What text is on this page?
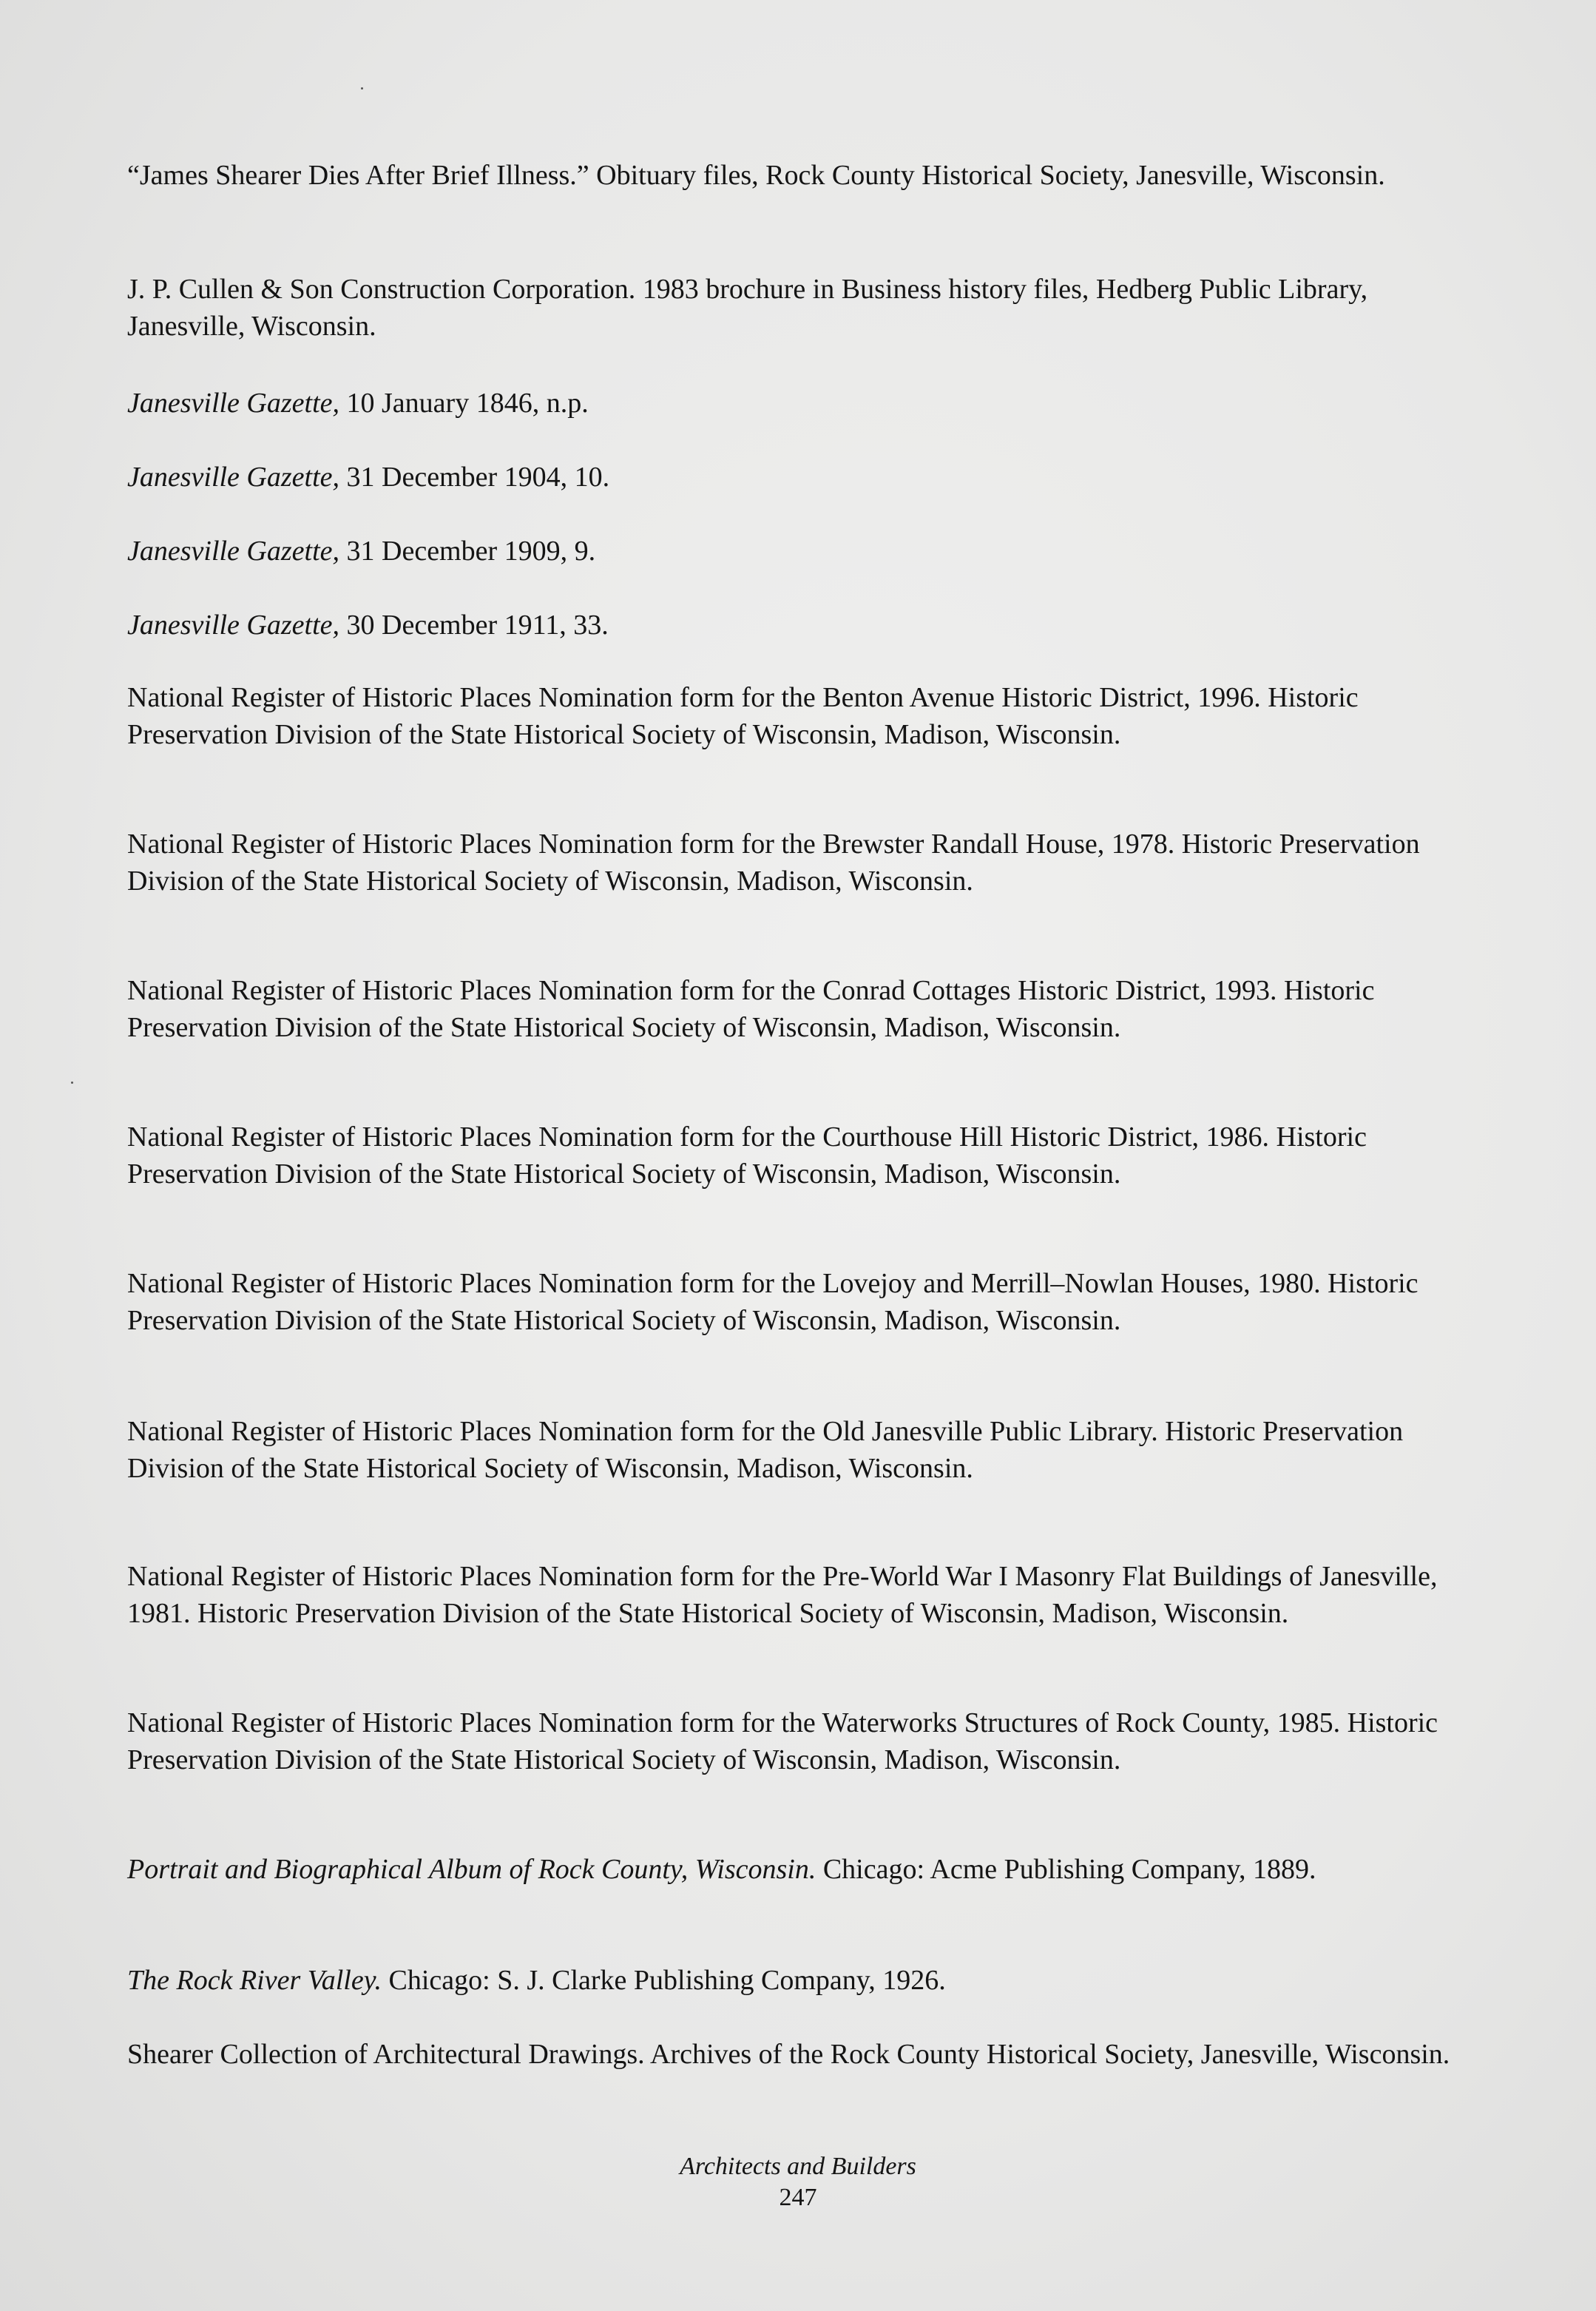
“James Shearer Dies After Brief Illness.” Obituary files, Rock County Historical Society, Janesville, Wisconsin.

J. P. Cullen & Son Construction Corporation. 1983 brochure in Business history files, Hedberg Public Library, Janesville, Wisconsin.

Janesville Gazette, 10 January 1846, n.p.

Janesville Gazette, 31 December 1904, 10.

Janesville Gazette, 31 December 1909, 9.

Janesville Gazette, 30 December 1911, 33.

National Register of Historic Places Nomination form for the Benton Avenue Historic District, 1996. Historic Preservation Division of the State Historical Society of Wisconsin, Madison, Wisconsin.

National Register of Historic Places Nomination form for the Brewster Randall House, 1978. Historic Preservation Division of the State Historical Society of Wisconsin, Madison, Wisconsin.

National Register of Historic Places Nomination form for the Conrad Cottages Historic District, 1993. Historic Preservation Division of the State Historical Society of Wisconsin, Madison, Wisconsin.

National Register of Historic Places Nomination form for the Courthouse Hill Historic District, 1986. Historic Preservation Division of the State Historical Society of Wisconsin, Madison, Wisconsin.

National Register of Historic Places Nomination form for the Lovejoy and Merrill–Nowlan Houses, 1980. Historic Preservation Division of the State Historical Society of Wisconsin, Madison, Wisconsin.

National Register of Historic Places Nomination form for the Old Janesville Public Library. Historic Preservation Division of the State Historical Society of Wisconsin, Madison, Wisconsin.

National Register of Historic Places Nomination form for the Pre-World War I Masonry Flat Buildings of Janesville, 1981. Historic Preservation Division of the State Historical Society of Wisconsin, Madison, Wisconsin.

National Register of Historic Places Nomination form for the Waterworks Structures of Rock County, 1985. Historic Preservation Division of the State Historical Society of Wisconsin, Madison, Wisconsin.

Portrait and Biographical Album of Rock County, Wisconsin. Chicago: Acme Publishing Company, 1889.

The Rock River Valley. Chicago: S. J. Clarke Publishing Company, 1926.

Shearer Collection of Architectural Drawings. Archives of the Rock County Historical Society, Janesville, Wisconsin.

Architects and Builders
247
